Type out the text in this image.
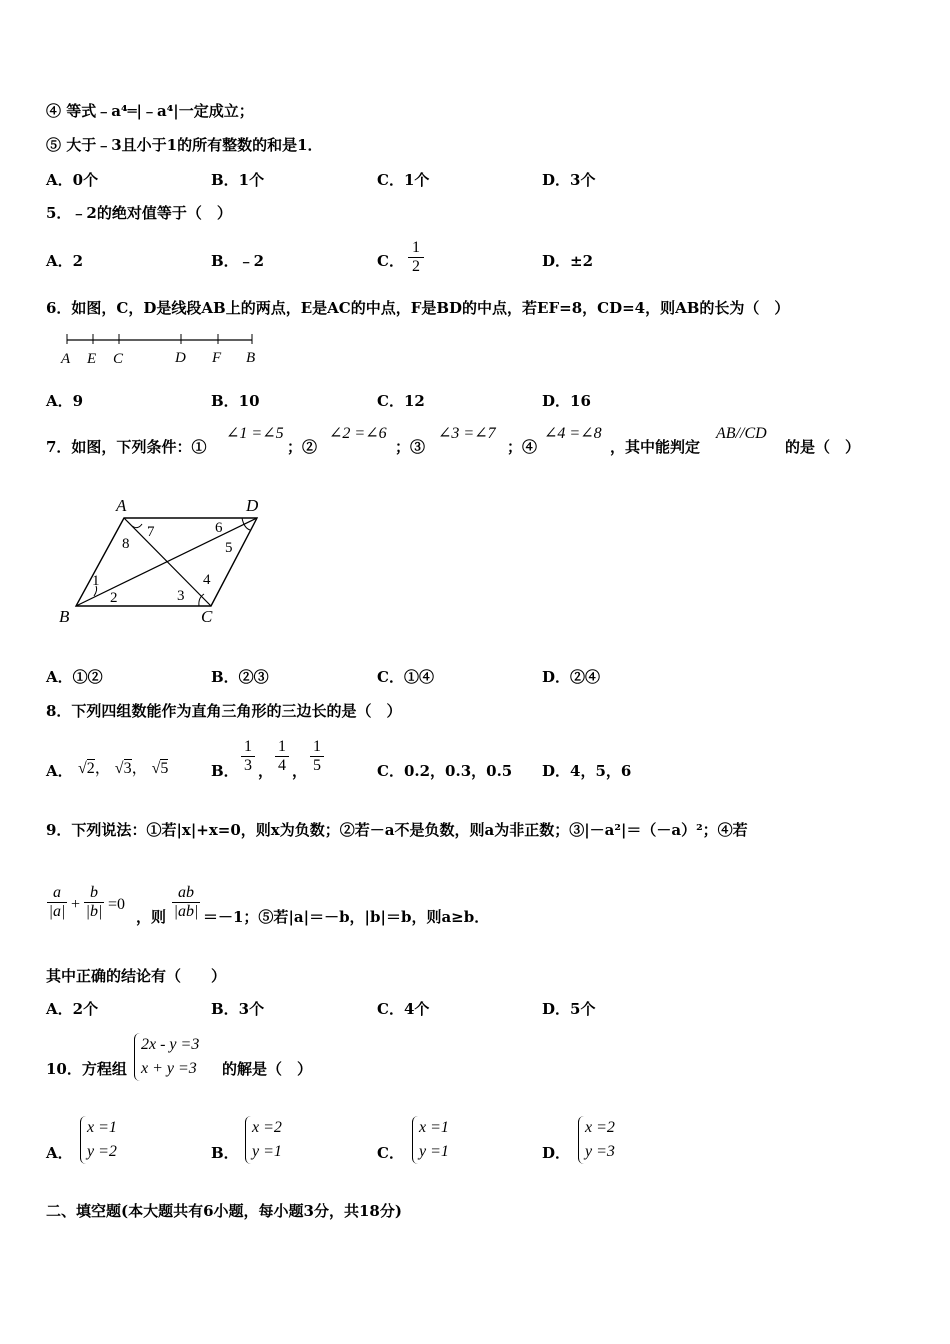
④ 等式﹣a⁴═|﹣a⁴|一定成立；
⑤ 大于﹣3且小于1的所有整数的和是1．
A．0个	B．1个	C．1个	D．3个
5．﹣2的绝对值等于（　）
A．2	B．﹣2	C．
1
2	D．±2
6．如图，C，D是线段AB上的两点，E是AC的中点，F是BD的中点，若EF=8，CD=4，则AB的长为（　）
A E C	D F B
A．9	B．10	C．12	D．16
7．如图，下列条件：①
∠1 =∠5
；②
∠2 =∠6
；③
∠3 =∠7
；④
∠4 =∠8
，其中能判定
AB//CD
的是（　）
A	D
B	C
1
2	3
4
5
6
7
8
A．①②	B．②③	C．①④	D．②④
8．下列四组数能作为直角三角形的三边长的是（　）
A． √2， √3， √5	B．
1
3 ，
1
4 ，
1
5	C．0.2，0.3，0.5 D．4，5，6
9．下列说法：①若|x|+x=0，则x为负数；②若－a不是负数，则a为非正数；③|－a²|＝（－a）²；④若
a
|a| +
b
|b| =0
，则
ab
|ab| ＝－1；⑤若|a|＝－b，|b|＝b，则a≥b．
其中正确的结论有（　　）
A．2个	B．3个	C．4个	D．5个
10．方程组
2x - y =3
x + y =3 的解是（　）
A．
x =1
y =2	B．
x =2
y =1	C．
x =1
y =1	D．
x =2
y =3
二、填空题(本大题共有6小题，每小题3分，共18分)
